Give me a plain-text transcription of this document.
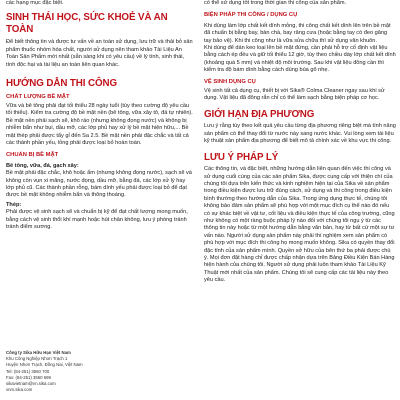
các hạng mục đặc biệt.

SINH THÁI HỌC, SỨC KHOẺ VÀ AN TOÀN

Để biết thông tin và được tư vấn về an toàn sử dụng, lưu trữ và thải bỏ sản phẩm thuốc nhóm hóa chất, người sử dụng nên tham khảo Tài Liệu An Toàn Sản Phẩm mới nhất (sẵn sàng khi có yêu cầu) về lý tính, sinh thái, tính độc hại và tài liệu an toàn liên quan khác.

HƯỚNG DẪN THI CÔNG
CHẤT LƯỢNG BỀ MẶT

Vữa và bê tông phải đạt tối thiểu 28 ngày tuổi (tùy theo cường độ yêu cầu tối thiểu). Kiểm tra cường độ bề mặt nền (bê tông, vữa xây tô, đá tự nhiên). Bề mặt nền phải sạch sẽ, khô ráo (nhưng không đọng nước) và không bị nhiễm bẩn như bụi, dầu mỡ, các lớp phủ hay xử lý bề mặt hiện hữu,... Bề mặt thép phải được tẩy gỉ đến Sa 2.5. Bề mặt nền phải đặc chắc và tất cả các thành phần yếu, lỏng phải được loại bỏ hoàn toàn.

CHUẨN BỊ BỀ MẶT

Bê tông, vữa, đá, gạch xây:

Bề mặt phải đặc chắc, khô hoặc ẩm (nhưng không đọng nước), sạch sẽ và không còn vụn xi măng, nước đọng, dầu mỡ, bằng đá, các lớp xử lý hay lớp phủ cũ. Các thành phần rỗng, bám dính yếu phải được loại bỏ để đạt được bề mặt không nhiễm bẩn và thông thoáng.

Thép:

Phải được vệ sinh sạch sẽ và chuẩn bị kỹ để đạt chất lượng mong muốn, bằng cách vệ sinh thổi khí mạnh hoặc hút chân không, lưu ý phòng tránh tránh điểm sương.

có thể sử dụng tốt trong thời gian thi công của sản phẩm.

BIỆN PHÁP THI CÔNG / DỤNG CỤ

Khi dùng làm lớp chất kết dính mỏng, thi công chất kết dính lên trên bề mặt đã chuẩn bị bằng bay, bàn chà, bay răng cưa (hoặc bằng tay có đeo găng tay bảo vệ). Khi thi công như là vữa sửa chữa thì sử dụng văn khuôn.

Khi dùng để dán keo loại lên bề mặt đứng, cần phải hỗ trợ cố định vật liệu bằng cách ép đều và giữ tối thiểu 12 giờ, tùy theo chiều dày lớp chất kết dính (khoảng quá 5 mm) và nhiệt độ môi trường. Sau khi vật liệu đông cần thì kiểm tra độ bám dính bằng cách dùng búa gõ nhẹ.

VỆ SINH DỤNG CỤ

Vệ sinh tất cả dụng cụ, thiết bị với Sika® Colma Cleaner ngay sau khi sử dụng. Vật liệu đã đông rắn chỉ có thể làm sạch bằng biện pháp cơ học.

GIỚI HẠN ĐỊA PHƯƠNG

Lưu ý rằng tùy theo kết quả yêu cầu từng địa phương riêng biệt mà tính năng sản phẩm có thể thay đổi từ nước này sang nước khác. Vui lòng xem tài liệu kỹ thuật sản phẩm địa phương để biết mô tả chính xác về khu vực thi công.

LƯU Ý PHÁP LÝ

Các thông tin, và đặc biệt, những hướng dẫn liên quan đến việc thi công và sử dụng cuối cùng của các sản phẩm Sika, được cung cấp với thiện chí của chúng tôi dựa trên kiến thức và kinh nghiệm hiện tại của Sika về sản phẩm trong điều kiện được lưu trữ đúng cách, sử dụng và thi công trong điều kiện bình thường theo hướng dẫn của Sika. Trong ứng dụng thực tế, chúng tôi không bảo đảm sản phẩm sẽ phù hợp với một mục đích cụ thể nào đó nếu có sự khác biệt về vật tư, cốt liệu và điều kiện thực tế của công trường, cũng như không có một ràng buộc pháp lý nào đối với chúng tôi ngụ ý từ các thông tin này hoặc từ một hướng dẫn bằng văn bản, hay từ bất cứ một sự tư vấn nào. Người sử dụng sản phẩm này phải thí nghiệm xem sản phẩm có phù hợp với mục đích thi công họ mong muốn không. Sika có quyền thay đổi đặc tính của sản phẩm mình. Quyền sở hữu của bên thứ ba phải được chú ý. Mọi đơn đặt hàng chỉ được chấp nhận dựa trên Bảng Điều Kiện Bán Hàng hiện hành của chúng tôi. Người sử dụng phải luôn tham khảo Tài Liệu Kỹ Thuật mới nhất của sản phẩm. Chúng tôi sẽ cung cấp các tài liệu này theo yêu cầu.

Công ty Sika Hữu Hạn Việt Nam

Khu Công Nghiệp Nhơn Trạch 1

Huyện Nhơn Trạch, Đồng Nai, Việt Nam

Tel: (84-251) 3560 700

Fax: (84-251) 3560 699

sikavietnam@vn.sika.com

vnm.sika.com
